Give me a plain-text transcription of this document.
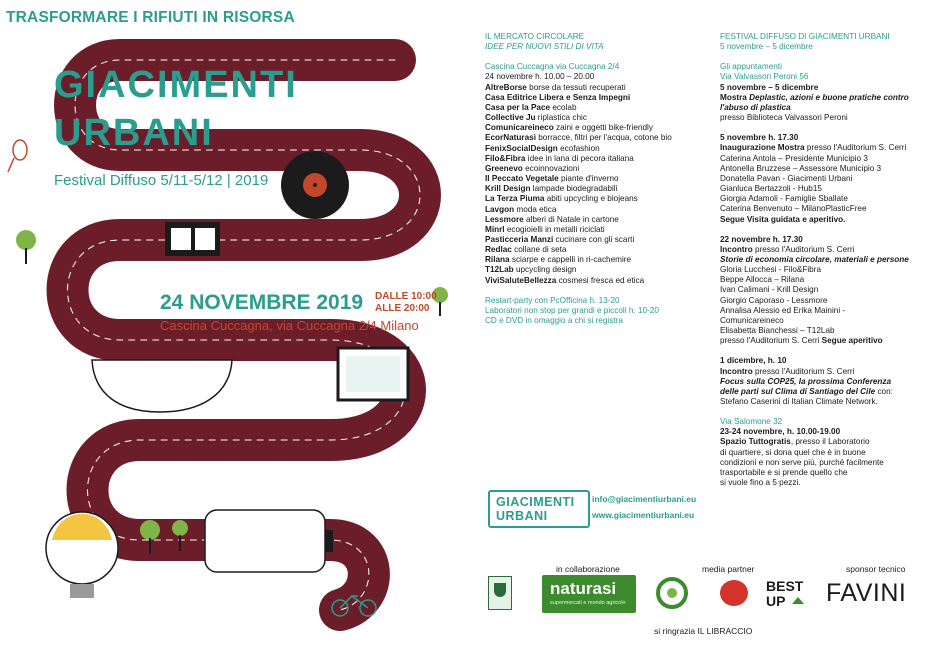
TRASFORMARE I RIFIUTI IN RISORSA
GIACIMENTI
URBANI
Festival Diffuso 5/11-5/12 | 2019
24 NOVEMBRE 2019 DALLE 10:00
ALLE 20:00
Cascina Cuccagna, via Cuccagna 2/4 Milano

IL MERCATO CIRCOLARE

IDEE PER NUOVI STILI DI VITA

Cascina Cuccagna via Cuccagna 2/4

24 novembre h. 10.00 – 20.00

AltreBorse borse da tessuti recuperati

Casa Editrice Libera e Senza Impegni

Casa per la Pace ecolab

Collective Ju riplastica chic

Comunicareineco zaini e oggetti bike-friendly

EcorNaturasì borracce, filtri per l'acqua, cotone bio

FenixSocialDesign ecofashion

Filo&Fibra idee in lana di pecora italiana

Greenevo ecoinnovazioni

Il Peccato Vegetale piante d'inverno

Krill Design lampade biodegradabili

La Terza Piuma abiti upcycling e biojeans

Lavgon moda etica

Lessmore alberi di Natale in cartone

Minrl ecogioielli in metalli riciclati

Pasticceria Manzi cucinare con gli scarti

Redlac collane di seta

Rilana sciarpe e cappelli in ri-cachemire

T12Lab upcycling design

ViviSaluteBellezza cosmesi fresca ed etica

Restart-party con PcOfficina h. 13-20

Laboratori non stop per grandi e piccoli h. 10-20

CD e DVD in omaggio a chi si registra

FESTIVAL DIFFUSO DI GIACIMENTI URBANI

5 novembre – 5 dicembre

Gli appuntamenti

Via Valvassori Peroni 56

5 novembre – 5 dicembre

Mostra Deplastic, azioni e buone pratiche contro

l'abuso di plastica

presso Biblioteca Valvassori Peroni

5 novembre h. 17.30

Inaugurazione Mostra presso l'Auditorium S. Cerri

Caterina Antola – Presidente Municipio 3

Antonella Bruzzese – Assessore Municipio 3

Donatella Pavan - Giacimenti Urbani

Gianluca Bertazzoli - Hub15

Giorgia Adamoli - Famiglie Sballate

Caterina Benvenuto – MilanoPlasticFree

Segue Visita guidata e aperitivo.

22 novembre h. 17.30

Incontro presso l'Auditorium S. Cerri

Storie di economia circolare, materiali e persone

Gloria Lucchesi - Filo&Fibra

Beppe Allocca – Rilana

Ivan Calimani - Krill Design

Giorgio Caporaso - Lessmore

Annalisa Alessio ed Erika Mainini -

Comunicareineco

Elisabetta Bianchessi – T12Lab

presso l'Auditorium S. Cerri Segue aperitivo

1 dicembre, h. 10

Incontro presso l'Auditorium S. Cerri

Focus sulla COP25, la prossima Conferenza

delle parti sul Clima di Santiago del Cile con:

Stefano Caserini di Italian Climate Network.

Via Salomone 32

23-24 novembre, h. 10.00-19.00

Spazio Tuttogratis, presso il Laboratorio

di quartiere, si dona quel che è in buone

condizioni e non serve più, purché facilmente

trasportabile e si prende quello che

si vuole fino a 5 pezzi.

GIACIMENTI
URBANI
info@giacimentiurbani.eu
www.giacimentiurbani.eu
in collaborazione
naturasi
supermercati e mondo agricolo
media partner
BEST
UP
sponsor tecnico
FAVINI
si ringrazia IL LIBRACCIO
